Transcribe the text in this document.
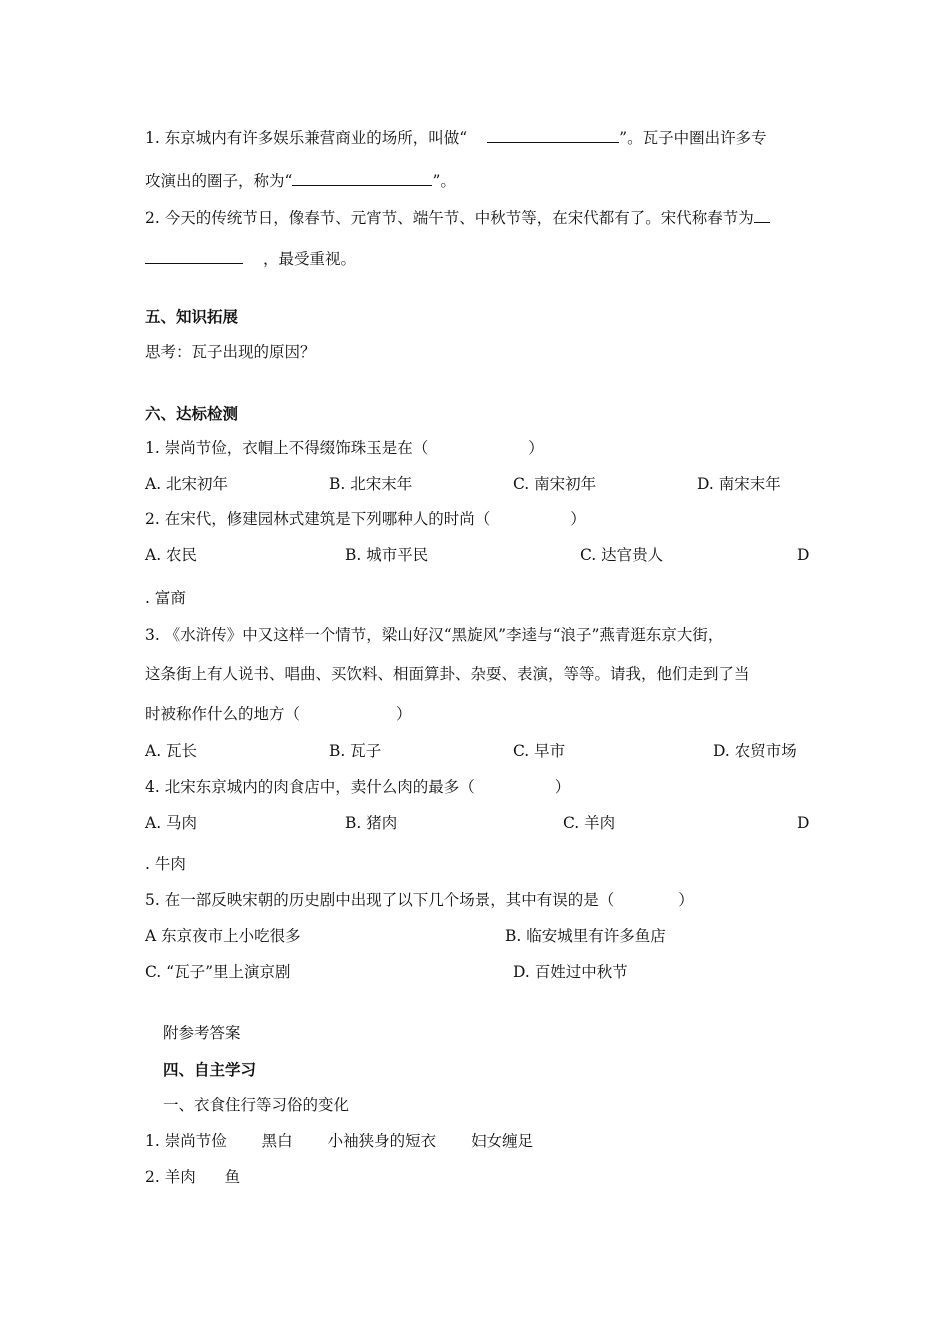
1. 东京城内有许多娱乐兼营商业的场所，叫做“	”。瓦子中圈出许多专
攻演出的圈子，称为“	”。
2. 今天的传统节日，像春节、元宵节、端午节、中秋节等，在宋代都有了。宋代称春节为
，最受重视。
五、知识拓展
思考：瓦子出现的原因？
六、达标检测
1. 崇尚节俭，衣帽上不得缀饰珠玉是在（	）
A. 北宋初年	B. 北宋末年	C. 南宋初年	D. 南宋末年
2. 在宋代，修建园林式建筑是下列哪种人的时尚（	）
A. 农民	B. 城市平民	C. 达官贵人	D
. 富商
3. 《水浒传》中又这样一个情节，梁山好汉“黑旋风”李逵与“浪子”燕青逛东京大街，
这条街上有人说书、唱曲、买饮料、相面算卦、杂耍、表演，等等。请我，他们走到了当
时被称作什么的地方（	）
A. 瓦长	B. 瓦子	C. 早市	D. 农贸市场
4. 北宋东京城内的肉食店中，卖什么肉的最多（	）
A. 马肉	B. 猪肉	C. 羊肉	D
. 牛肉
5. 在一部反映宋朝的历史剧中出现了以下几个场景，其中有误的是（	）
A 东京夜市上小吃很多	B. 临安城里有许多鱼店
C. “瓦子”里上演京剧	D. 百姓过中秋节
附参考答案
四、自主学习
一、衣食住行等习俗的变化
1. 崇尚节俭 黑白 小袖狭身的短衣 妇女缠足
2. 羊肉 鱼
